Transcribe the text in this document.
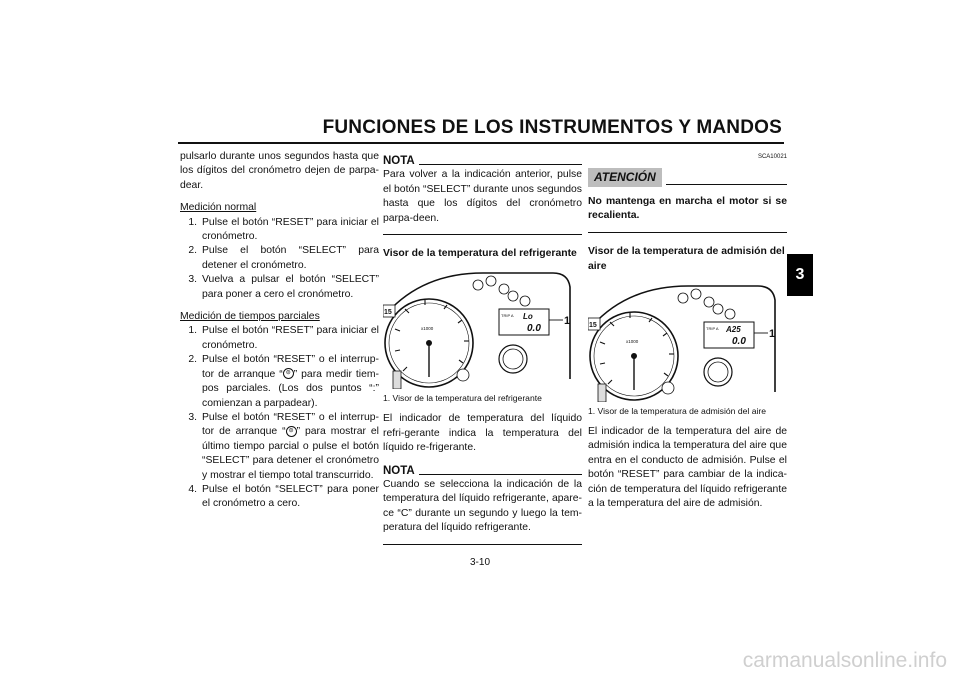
FUNCIONES DE LOS INSTRUMENTOS Y MANDOS
3

pulsarlo durante unos segundos hasta que los dígitos del cronómetro dejen de parpa-dear.

Medición normal
1. Pulse el botón “RESET” para iniciar el cronómetro.
2. Pulse el botón “SELECT” para detener el cronómetro.
3. Vuelva a pulsar el botón “SELECT” para poner a cero el cronómetro.
Medición de tiempos parciales
1. Pulse el botón “RESET” para iniciar el cronómetro.
2. Pulse el botón “RESET” o el interrup-tor de arranque “ ⊜ ” para medir tiem-pos parciales. (Los dos puntos “:” comienzan a parpadear).
3. Pulse el botón “RESET” o el interrup-tor de arranque “ ⊜ ” para mostrar el último tiempo parcial o pulse el botón “SELECT” para detener el cronómetro y mostrar el tiempo total transcurrido.
4. Pulse el botón “SELECT” para poner el cronómetro a cero.
NOTA

Para volver a la indicación anterior, pulse el botón “SELECT” durante unos segundos hasta que los dígitos del cronómetro parpa-deen.

Visor de la temperatura del refrigerante
x1000
15	TRIP A Lo
0.0
1
1. Visor de la temperatura del refrigerante

El indicador de temperatura del líquido refri-gerante indica la temperatura del líquido re-frigerante.

NOTA

Cuando se selecciona la indicación de la temperatura del líquido refrigerante, apare-ce “C” durante un segundo y luego la tem-peratura del líquido refrigerante.

SCA10021
ATENCIÓN

No mantenga en marcha el motor si se recalienta.

Visor de la temperatura de admisión del aire
x1000
15	TRIP A A25
0.0
1
1. Visor de la temperatura de admisión del aire

El indicador de la temperatura del aire de admisión indica la temperatura del aire que entra en el conducto de admisión. Pulse el botón “RESET” para cambiar de la indica-ción de temperatura del líquido refrigerante a la temperatura del aire de admisión.

3-10
carmanualsonline.info
